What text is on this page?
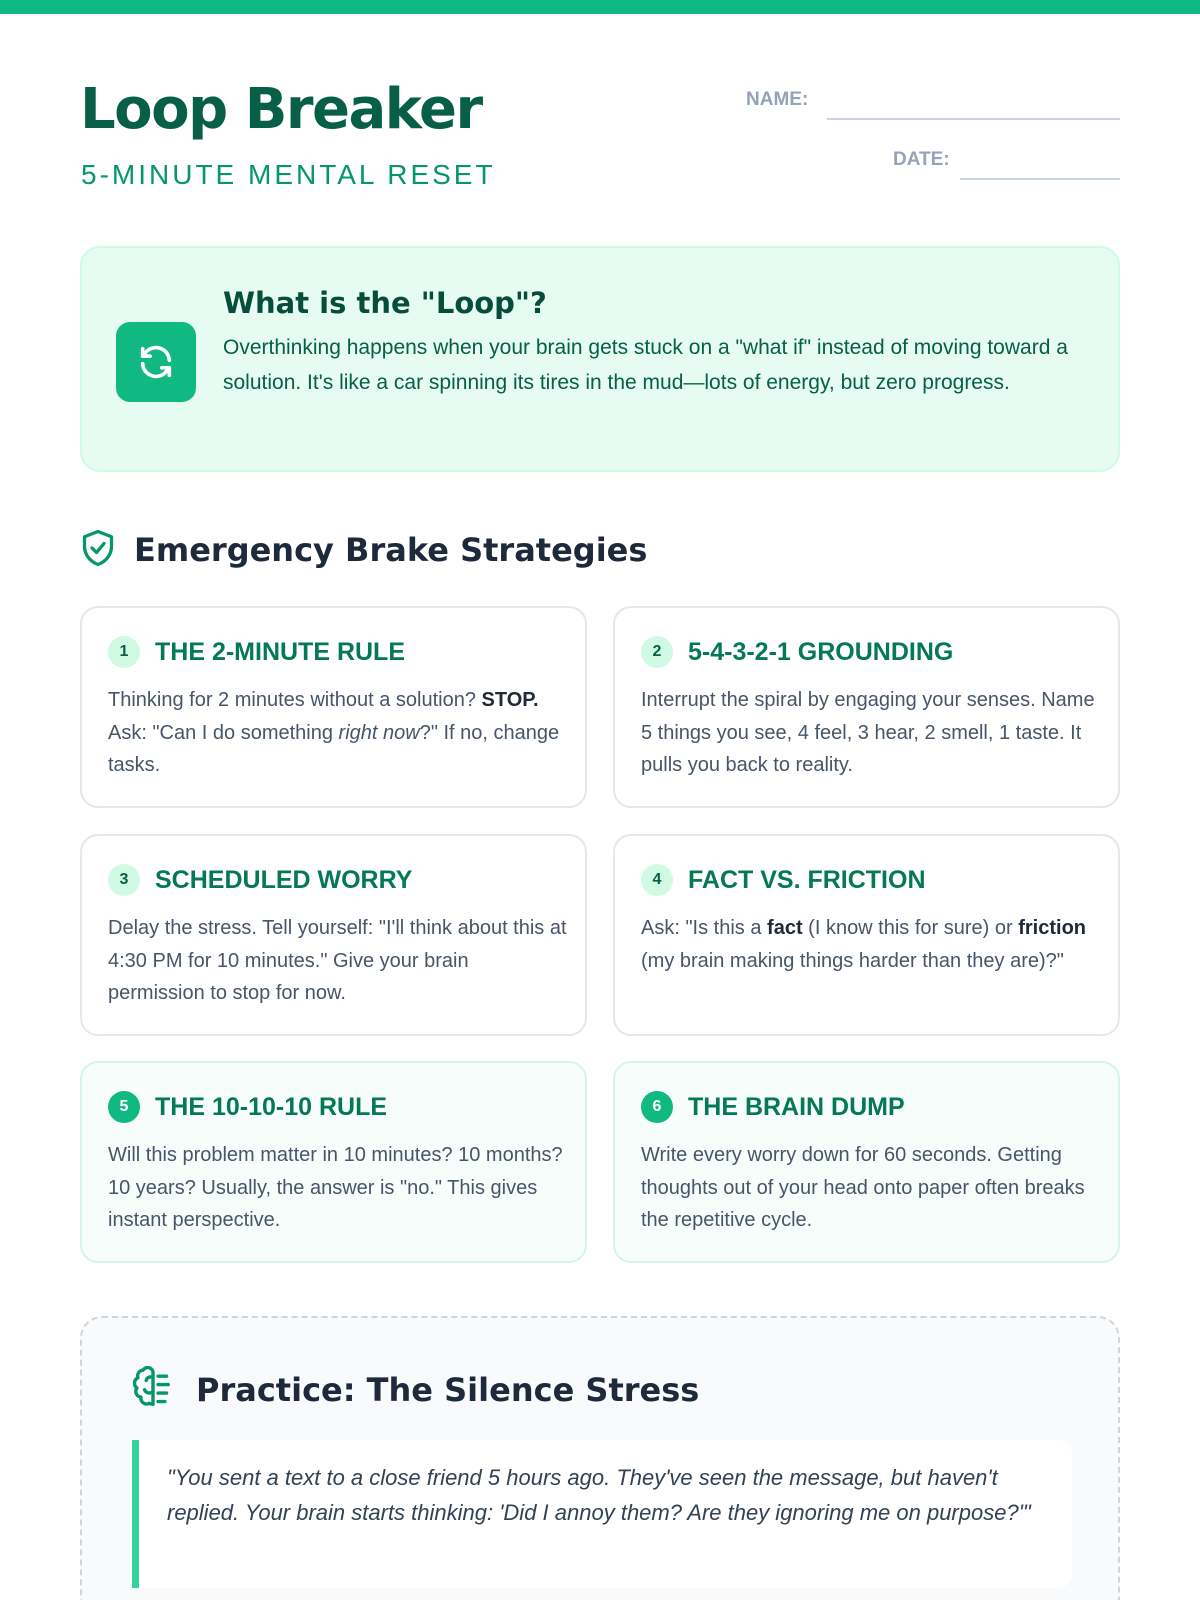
Loop Breaker
5-MINUTE MENTAL RESET
NAME:
DATE:
What is the "Loop"?

Overthinking happens when your brain gets stuck on a "what if" instead of moving toward a solution. It's like a car spinning its tires in the mud—lots of energy, but zero progress.

Emergency Brake Strategies
1	THE 2-MINUTE RULE

Thinking for 2 minutes without a solution? STOP. Ask: "Can I do something right now?" If no, change tasks.

2	5-4-3-2-1 GROUNDING

Interrupt the spiral by engaging your senses. Name 5 things you see, 4 feel, 3 hear, 2 smell, 1 taste. It pulls you back to reality.

3	SCHEDULED WORRY

Delay the stress. Tell yourself: "I'll think about this at 4:30 PM for 10 minutes." Give your brain permission to stop for now.

4	FACT VS. FRICTION

Ask: "Is this a fact (I know this for sure) or friction (my brain making things harder than they are)?"

5	THE 10-10-10 RULE

Will this problem matter in 10 minutes? 10 months? 10 years? Usually, the answer is "no." This gives instant perspective.

6	THE BRAIN DUMP

Write every worry down for 60 seconds. Getting thoughts out of your head onto paper often breaks the repetitive cycle.

Practice: The Silence Stress

"You sent a text to a close friend 5 hours ago. They've seen the message, but haven't replied. Your brain starts thinking: 'Did I annoy them? Are they ignoring me on purpose?'"
